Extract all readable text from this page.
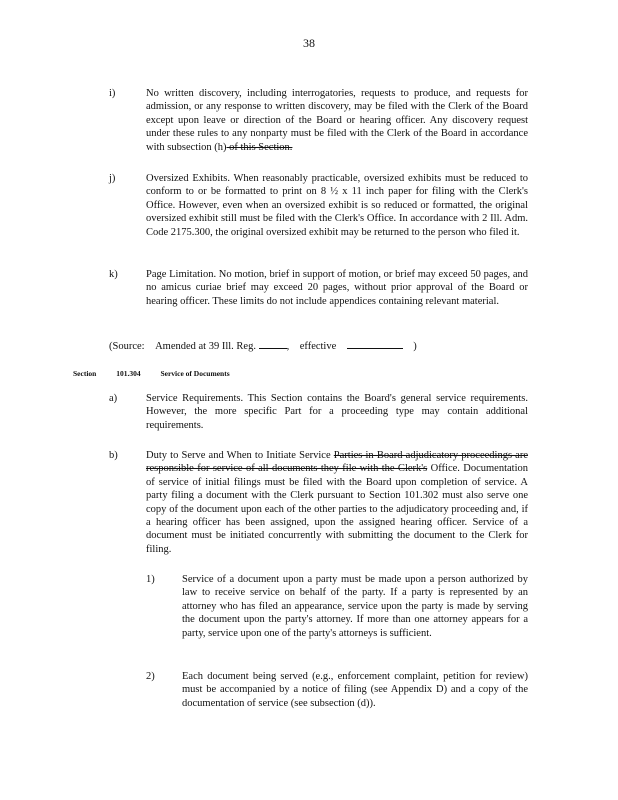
38
i)	No written discovery, including interrogatories, requests to produce, and requests for admission, or any response to written discovery, may be filed with the Clerk of the Board except upon leave or direction of the Board or hearing officer. Any discovery request under these rules to any nonparty must be filed with the Clerk of the Board in accordance with subsection (h) of this Section.
j)	Oversized Exhibits. When reasonably practicable, oversized exhibits must be reduced to conform to or be formatted to print on 8 ½ x 11 inch paper for filing with the Clerk's Office. However, even when an oversized exhibit is so reduced or formatted, the original oversized exhibit still must be filed with the Clerk's Office. In accordance with 2 Ill. Adm. Code 2175.300, the original oversized exhibit may be returned to the person who filed it.
k)	Page Limitation. No motion, brief in support of motion, or brief may exceed 50 pages, and no amicus curiae brief may exceed 20 pages, without prior approval of the Board or hearing officer. These limits do not include appendices containing relevant material.
(Source: Amended at 39 Ill. Reg.	, effective	)
Section	101.304	Service of Documents
a)	Service Requirements. This Section contains the Board's general service requirements. However, the more specific Part for a proceeding type may contain additional requirements.
b)	Duty to Serve and When to Initiate Service Parties in Board adjudicatory proceedings are responsible for service of all documents they file with the Clerk's Office. Documentation of service of initial filings must be filed with the Board upon completion of service. A party filing a document with the Clerk pursuant to Section 101.302 must also serve one copy of the document upon each of the other parties to the adjudicatory proceeding and, if a hearing officer has been assigned, upon the assigned hearing officer. Service of a document must be initiated concurrently with submitting the document to the Clerk for filing.
1)	Service of a document upon a party must be made upon a person authorized by law to receive service on behalf of the party. If a party is represented by an attorney who has filed an appearance, service upon the party is made by serving the document upon the party's attorney. If more than one attorney appears for a party, service upon one of the party's attorneys is sufficient.
2)	Each document being served (e.g., enforcement complaint, petition for review) must be accompanied by a notice of filing (see Appendix D) and a copy of the documentation of service (see subsection (d)).
